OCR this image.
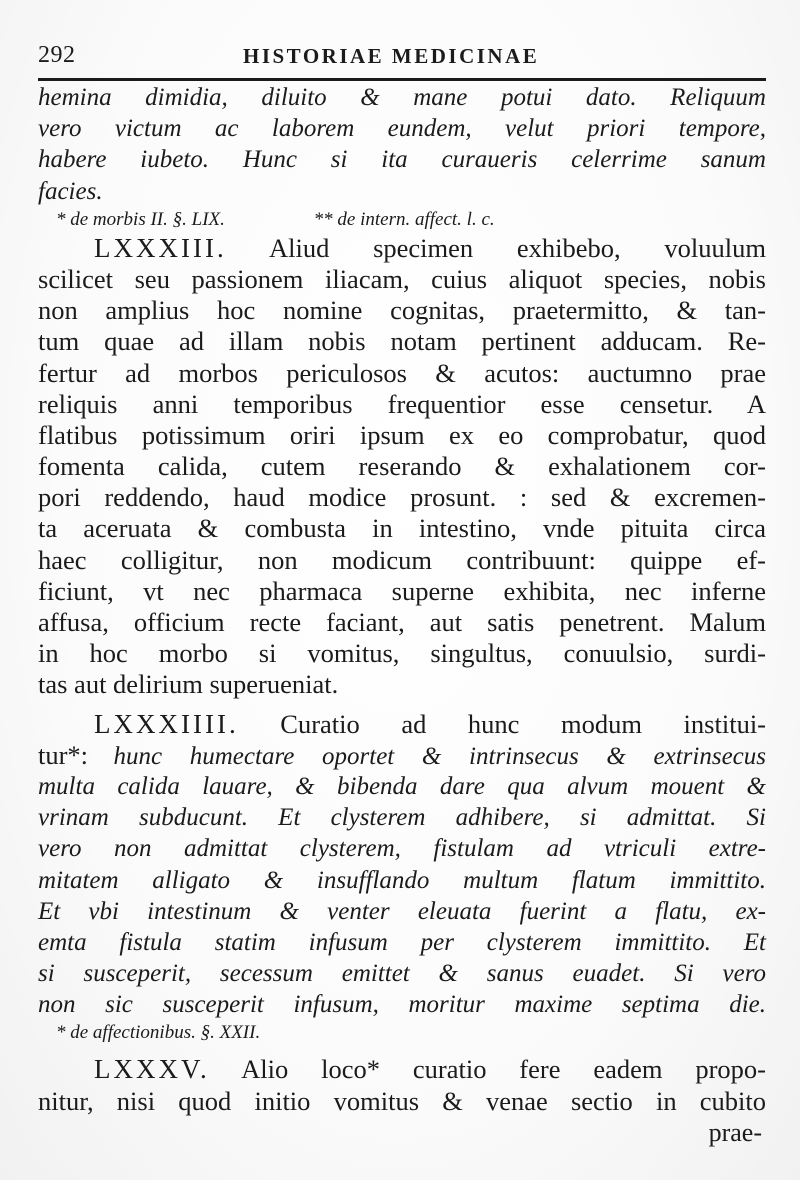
292	HISTORIAE MEDICINAE
hemina dimidia, diluito & mane potui dato. Reliquum
vero victum ac laborem eundem, velut priori tempore,
habere iubeto. Hunc si ita curaueris celerrime sanum
facies.
* de morbis II. §. LIX.	** de intern. affect. l. c.
LXXXIII. Aliud specimen exhibebo, voluulum
scilicet seu passionem iliacam, cuius aliquot species, nobis
non amplius hoc nomine cognitas, praetermitto, & tan-
tum quae ad illam nobis notam pertinent adducam. Re-
fertur ad morbos periculosos & acutos: auctumno prae
reliquis anni temporibus frequentior esse censetur. A
flatibus potissimum oriri ipsum ex eo comprobatur, quod
fomenta calida, cutem reserando & exhalationem cor-
pori reddendo, haud modice prosunt. : sed & excremen-
ta aceruata & combusta in intestino, vnde pituita circa
haec colligitur, non modicum contribuunt: quippe ef-
ficiunt, vt nec pharmaca superne exhibita, nec inferne
affusa, officium recte faciant, aut satis penetrent. Malum
in hoc morbo si vomitus, singultus, conuulsio, surdi-
tas aut delirium superueniat.
LXXXIIII. Curatio ad hunc modum institui-
tur*: hunc humectare oportet & intrinsecus & extrinsecus
multa calida lauare, & bibenda dare qua alvum mouent &
vrinam subducunt. Et clysterem adhibere, si admittat. Si
vero non admittat clysterem, fistulam ad vtriculi extre-
mitatem alligato & insufflando multum flatum immittito.
Et vbi intestinum & venter eleuata fuerint a flatu, ex-
emta fistula statim infusum per clysterem immittito. Et
si susceperit, secessum emittet & sanus euadet. Si vero
non sic susceperit infusum, moritur maxime septima die.
* de affectionibus. §. XXII.
LXXXV. Alio loco* curatio fere eadem propo-
nitur, nisi quod initio vomitus & venae sectio in cubito
prae-
